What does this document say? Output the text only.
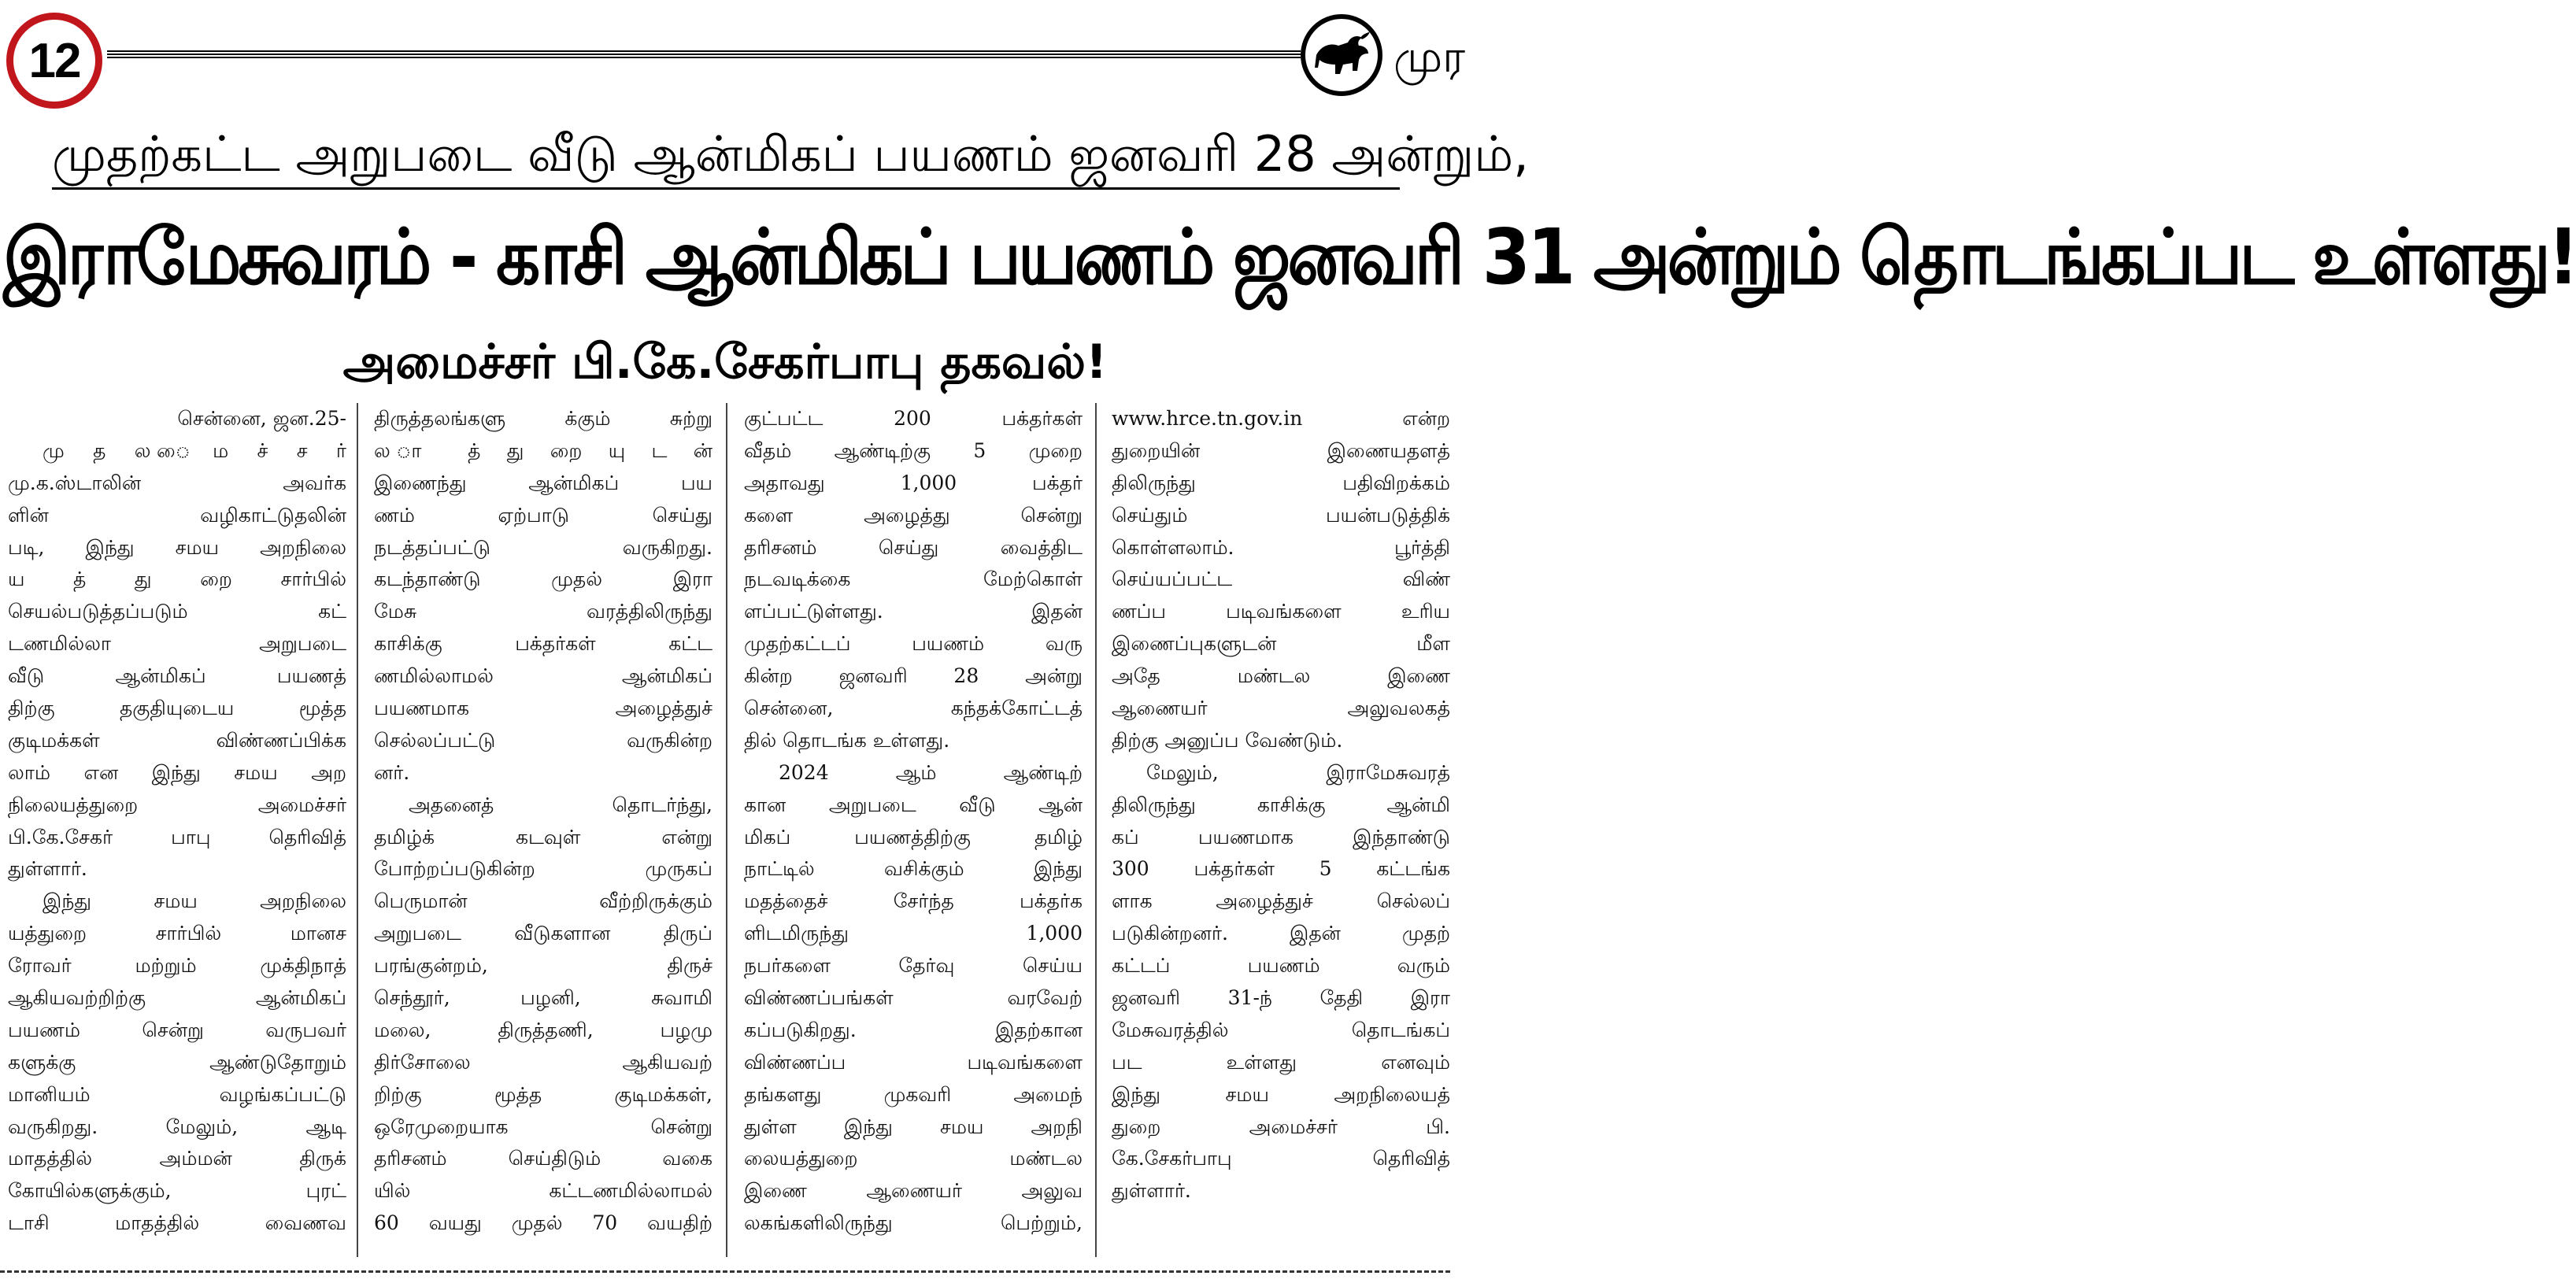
12	முர
முதற்கட்ட அறுபடை வீடு ஆன்மிகப் பயணம் ஜனவரி 28 அன்றும்,
இராமேசுவரம் - காசி ஆன்மிகப் பயணம் ஜனவரி 31 அன்றும் தொடங்கப்பட உள்ளது!
அமைச்சர் பி.கே.சேகர்பாபு தகவல்!
சென்னை, ஜன.25-
மு த ல ைம ச் ச ர்
மு.க.ஸ்டாலின் அவர்க
ளின் வழிகாட்டுதலின்
படி, இந்து சமய அறநிலை
ய த் து றை சார்பில்
செயல்படுத்தப்படும் கட்
டணமில்லா அறுபடை
வீடு ஆன்மிகப் பயணத்
திற்கு தகுதியுடைய மூத்த
குடிமக்கள் விண்ணப்பிக்க
லாம் என இந்து சமய அற
நிலையத்துறை அமைச்சர்
பி.கே.சேகர் பாபு தெரிவித்
துள்ளார்.
இந்து சமய அறநிலை
யத்துறை சார்பில் மானச
ரோவர் மற்றும் முக்திநாத்
ஆகியவற்றிற்கு ஆன்மிகப்
பயணம் சென்று வருபவர்
களுக்கு ஆண்டுதோறும்
மானியம் வழங்கப்பட்டு
வருகிறது. மேலும், ஆடி
மாதத்தில் அம்மன் திருக்
கோயில்களுக்கும், புரட்
டாசி மாதத்தில் வைணவ
திருத்தலங்களு க்கும் சுற்று
ல ா த் து றை யு ட ன்
இணைந்து ஆன்மிகப் பய
ணம் ஏற்பாடு செய்து
நடத்தப்பட்டு வருகிறது.
கடந்தாண்டு முதல் இரா
மேசு வரத்திலிருந்து
காசிக்கு பக்தர்கள் கட்ட
ணமில்லாமல் ஆன்மிகப்
பயணமாக அழைத்துச்
செல்லப்பட்டு வருகின்ற
னர்.
அதனைத் தொடர்ந்து,
தமிழ்க் கடவுள் என்று
போற்றப்படுகின்ற முருகப்
பெருமான் வீற்றிருக்கும்
அறுபடை வீடுகளான திருப்
பரங்குன்றம், திருச்
செந்தூர், பழனி, சுவாமி
மலை, திருத்தணி, பழமு
திர்சோலை ஆகியவற்
றிற்கு மூத்த குடிமக்கள்,
ஒரேமுறையாக சென்று
தரிசனம் செய்திடும் வகை
யில் கட்டணமில்லாமல்
60 வயது முதல் 70 வயதிற்
குட்பட்ட 200 பக்தர்கள்
வீதம் ஆண்டிற்கு 5 முறை
அதாவது 1,000 பக்தர்
களை அழைத்து சென்று
தரிசனம் செய்து வைத்திட
நடவடிக்கை மேற்கொள்
ளப்பட்டுள்ளது. இதன்
முதற்கட்டப் பயணம் வரு
கின்ற ஜனவரி 28 அன்று
சென்னை, கந்தக்கோட்டத்
தில் தொடங்க உள்ளது.
2024 ஆம் ஆண்டிற்
கான அறுபடை வீடு ஆன்
மிகப் பயணத்திற்கு தமிழ்
நாட்டில் வசிக்கும் இந்து
மதத்தைச் சேர்ந்த பக்தர்க
ளிடமிருந்து 1,000
நபர்களை தேர்வு செய்ய
விண்ணப்பங்கள் வரவேற்
கப்படுகிறது. இதற்கான
விண்ணப்ப படிவங்களை
தங்களது முகவரி அமைந்
துள்ள இந்து சமய அறநி
லையத்துறை மண்டல
இணை ஆணையர் அலுவ
லகங்களிலிருந்து பெற்றும்,
www.hrce.tn.gov.in என்ற
துறையின் இணையதளத்
திலிருந்து பதிவிறக்கம்
செய்தும் பயன்படுத்திக்
கொள்ளலாம். பூர்த்தி
செய்யப்பட்ட விண்
ணப்ப படிவங்களை உரிய
இணைப்புகளுடன் மீள
அதே மண்டல இணை
ஆணையர் அலுவலகத்
திற்கு அனுப்ப வேண்டும்.
மேலும், இராமேசுவரத்
திலிருந்து காசிக்கு ஆன்மி
கப் பயணமாக இந்தாண்டு
300 பக்தர்கள் 5 கட்டங்க
ளாக அழைத்துச் செல்லப்
படுகின்றனர். இதன் முதற்
கட்டப் பயணம் வரும்
ஜனவரி 31-ந் தேதி இரா
மேசுவரத்தில் தொடங்கப்
பட உள்ளது எனவும்
இந்து சமய அறநிலையத்
துறை அமைச்சர் பி.
கே.சேகர்பாபு தெரிவித்
துள்ளார்.
